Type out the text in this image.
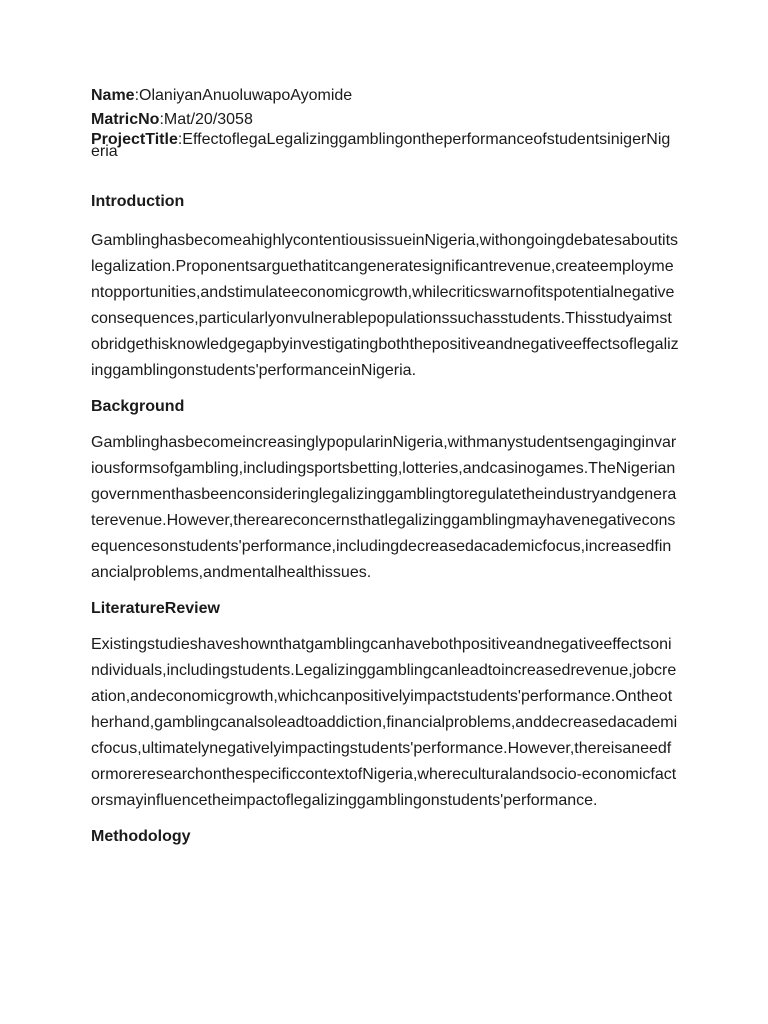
Name:OlaniyanAnuoluwapoAyomide
MatricNo:Mat/20/3058
ProjectTitle:EffectoflegaLegalizinggamblingontheperformanceofstudentsinigerNigeria
Introduction

GamblinghasbecomeahighlycontentiousissueinNigeria,withongoingdebatesaboutitslegalization.Proponentsarguethatitcangeneratesignificantrevenue,createemploymentopportunities,andstimulateeconomicgrowth,whilecriticswarnofitspotentialnegativeconsequences,particularlyonvulnerablepopulationssuchasstudents.Thisstudyaimstobridgethisknowledgegapbyinvestigatingboththepositiveandnegativeeffectsoflegalizinggamblingonstudents'performanceinNigeria.

Background

GamblinghasbecomeincreasinglypopularinNigeria,withmanystudentsengaginginvariousformsofgambling,includingsportsbetting,lotteries,andcasinogames.TheNigeriangovernmenthasbeenconsideringlegalizinggamblingtoregulatetheindustryandgeneraterevenue.However,thereareconcernsthatlegalizinggamblingmayhavenegativeconsequencesonstudents'performance,includingdecreasedacademicfocus,increasedfinancialproblems,andmentalhealthissues.

LiteratureReview

Existingstudieshaveshownthatgamblingcanhavebothpositiveandnegativeeffectsonindividuals,includingstudents.Legalizinggamblingcanleadtoincreasedrevenue,jobcreation,andeconomicgrowth,whichcanpositivelyimpactstudents'performance.Ontheotherhand,gamblingcanalsoleadtoaddiction,financialproblems,anddecreasedacademicfocus,ultimatelynegativelyimpactingstudents'performance.However,thereisaneedformoreresearchonthespecificcontextofNigeria,whereculturalandsocio-economicfactorsmayinfluencetheimpactoflegalizinggamblingonstudents'performance.

Methodology
